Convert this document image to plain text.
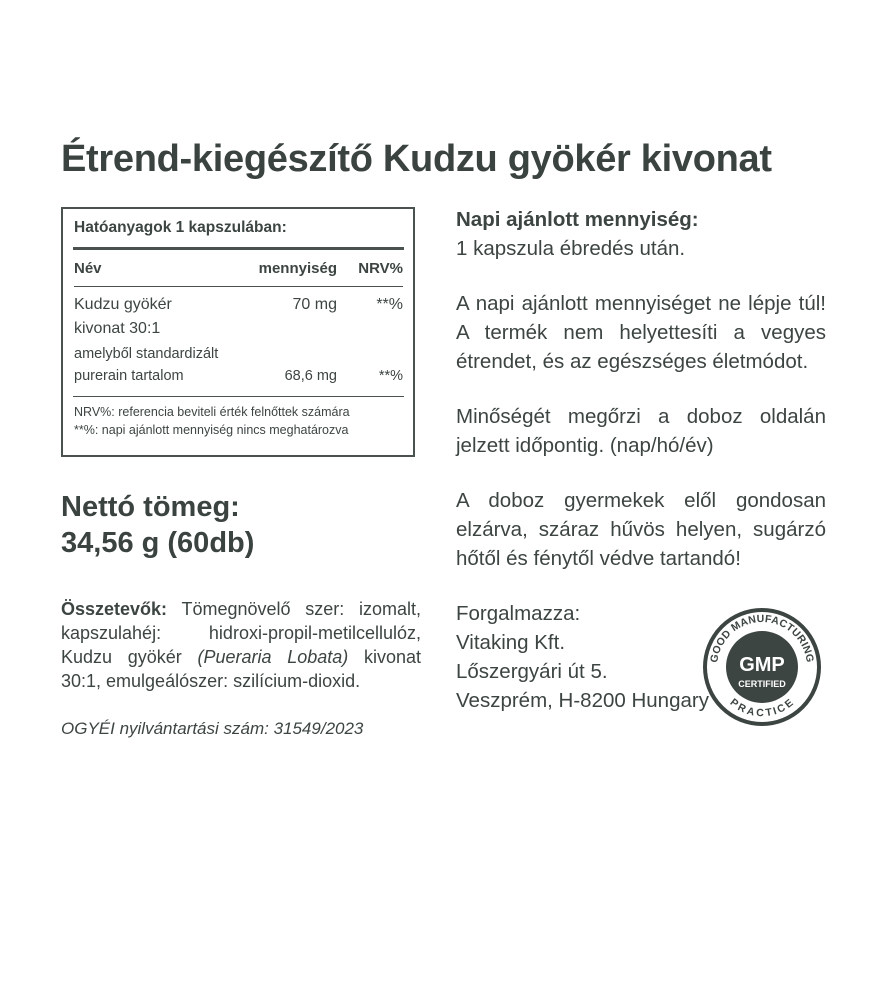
Étrend-kiegészítő Kudzu gyökér kivonat
Hatóanyagok 1 kapszulában:
Név	mennyiség	NRV%
Kudzu gyökér
kivonat 30:1
70 mg	**%
amelyből standardizált
purerain tartalom	68,6 mg	**%
NRV%: referencia beviteli érték felnőttek számára
**%: napi ajánlott mennyiség nincs meghatározva
Nettó tömeg:
34,56 g (60db)
Összetevők: Tömegnövelő szer: izomalt, kapszulahéj: hidroxi-propil-metilcellulóz, Kudzu gyökér (Pueraria Lobata) kivonat 30:1, emulgeálószer: szilícium-dioxid.
OGYÉI nyilvántartási szám: 31549/2023
Napi ajánlott mennyiség:
1 kapszula ébredés után.
A napi ajánlott mennyiséget ne lépje túl! A termék nem helyettesíti a vegyes étrendet, és az egészséges életmódot.
Minőségét megőrzi a doboz oldalán jelzett időpontig. (nap/hó/év)
A doboz gyermekek elől gondosan elzárva, száraz hűvös helyen, sugárzó hőtől és fénytől védve tartandó!
Forgalmazza:
Vitaking Kft.
Lőszergyári út 5.
Veszprém, H-8200 Hungary
GOOD MANUFACTURING
PRACTICE
GMP
CERTIFIED
